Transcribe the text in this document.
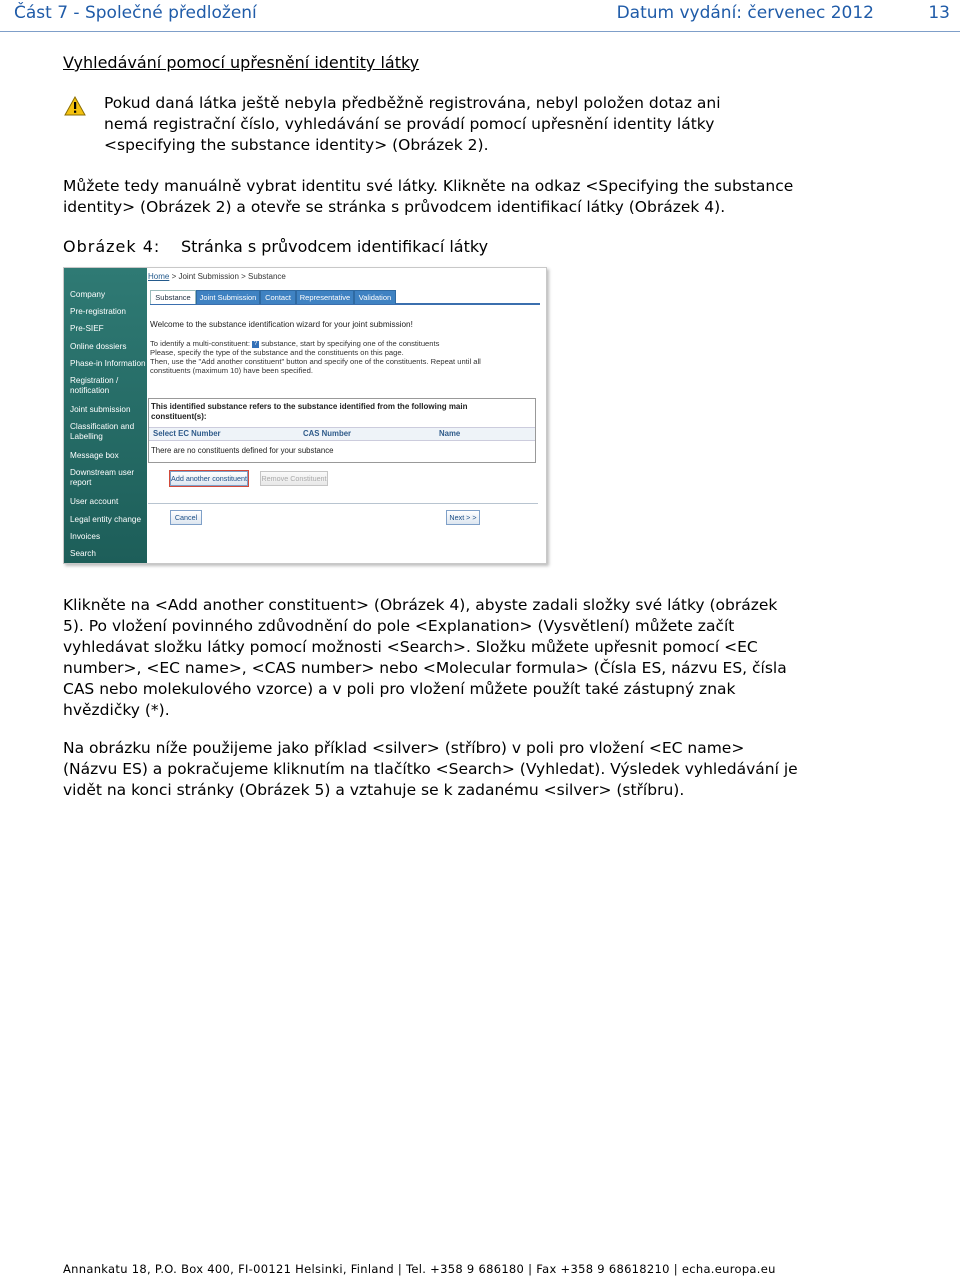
Část 7 - Společné předložení	Datum vydání: červenec 2012	13
Vyhledávání pomocí upřesnění identity látky
Pokud daná látka ještě nebyla předběžně registrována, nebyl položen dotaz ani
nemá registrační číslo, vyhledávání se provádí pomocí upřesnění identity látky
<specifying the substance identity> (Obrázek 2).
Můžete tedy manuálně vybrat identitu své látky. Klikněte na odkaz <Specifying the substance
identity> (Obrázek 2) a otevře se stránka s průvodcem identifikací látky (Obrázek 4).
Obrázek 4: Stránka s průvodcem identifikací látky
Company
Pre-registration
Pre-SIEF
Online dossiers
Phase-in Information
Registration / notification
Joint submission
Classification and Labelling
Message box
Downstream user report
User account
Legal entity change
Invoices
Search
Home > Joint Submission > Substance
Substance	Joint Submission	Contact	Representative	Validation
Welcome to the substance identification wizard for your joint submission!
To identify a multi-constituent: ? substance, start by specifying one of the constituents
Please, specify the type of the substance and the constituents on this page.
Then, use the "Add another constituent" button and specify one of the constituents. Repeat until all
constituents (maximum 10) have been specified.
This identified substance refers to the substance identified from the following main
constituent(s):
Select EC Number	CAS Number	Name
There are no constituents defined for your substance
Add another constituent Remove Constituent
Cancel	Next > >
Klikněte na <Add another constituent> (Obrázek 4), abyste zadali složky své látky (obrázek
5). Po vložení povinného zdůvodnění do pole <Explanation> (Vysvětlení) můžete začít
vyhledávat složku látky pomocí možnosti <Search>. Složku můžete upřesnit pomocí <EC
number>, <EC name>, <CAS number> nebo <Molecular formula> (Čísla ES, názvu ES, čísla
CAS nebo molekulového vzorce) a v poli pro vložení můžete použít také zástupný znak
hvězdičky (*).
Na obrázku níže použijeme jako příklad <silver> (stříbro) v poli pro vložení <EC name>
(Názvu ES) a pokračujeme kliknutím na tlačítko <Search> (Vyhledat). Výsledek vyhledávání je
vidět na konci stránky (Obrázek 5) a vztahuje se k zadanému <silver> (stříbru).
Annankatu 18, P.O. Box 400, FI-00121 Helsinki, Finland | Tel. +358 9 686180 | Fax +358 9 68618210 | echa.europa.eu
